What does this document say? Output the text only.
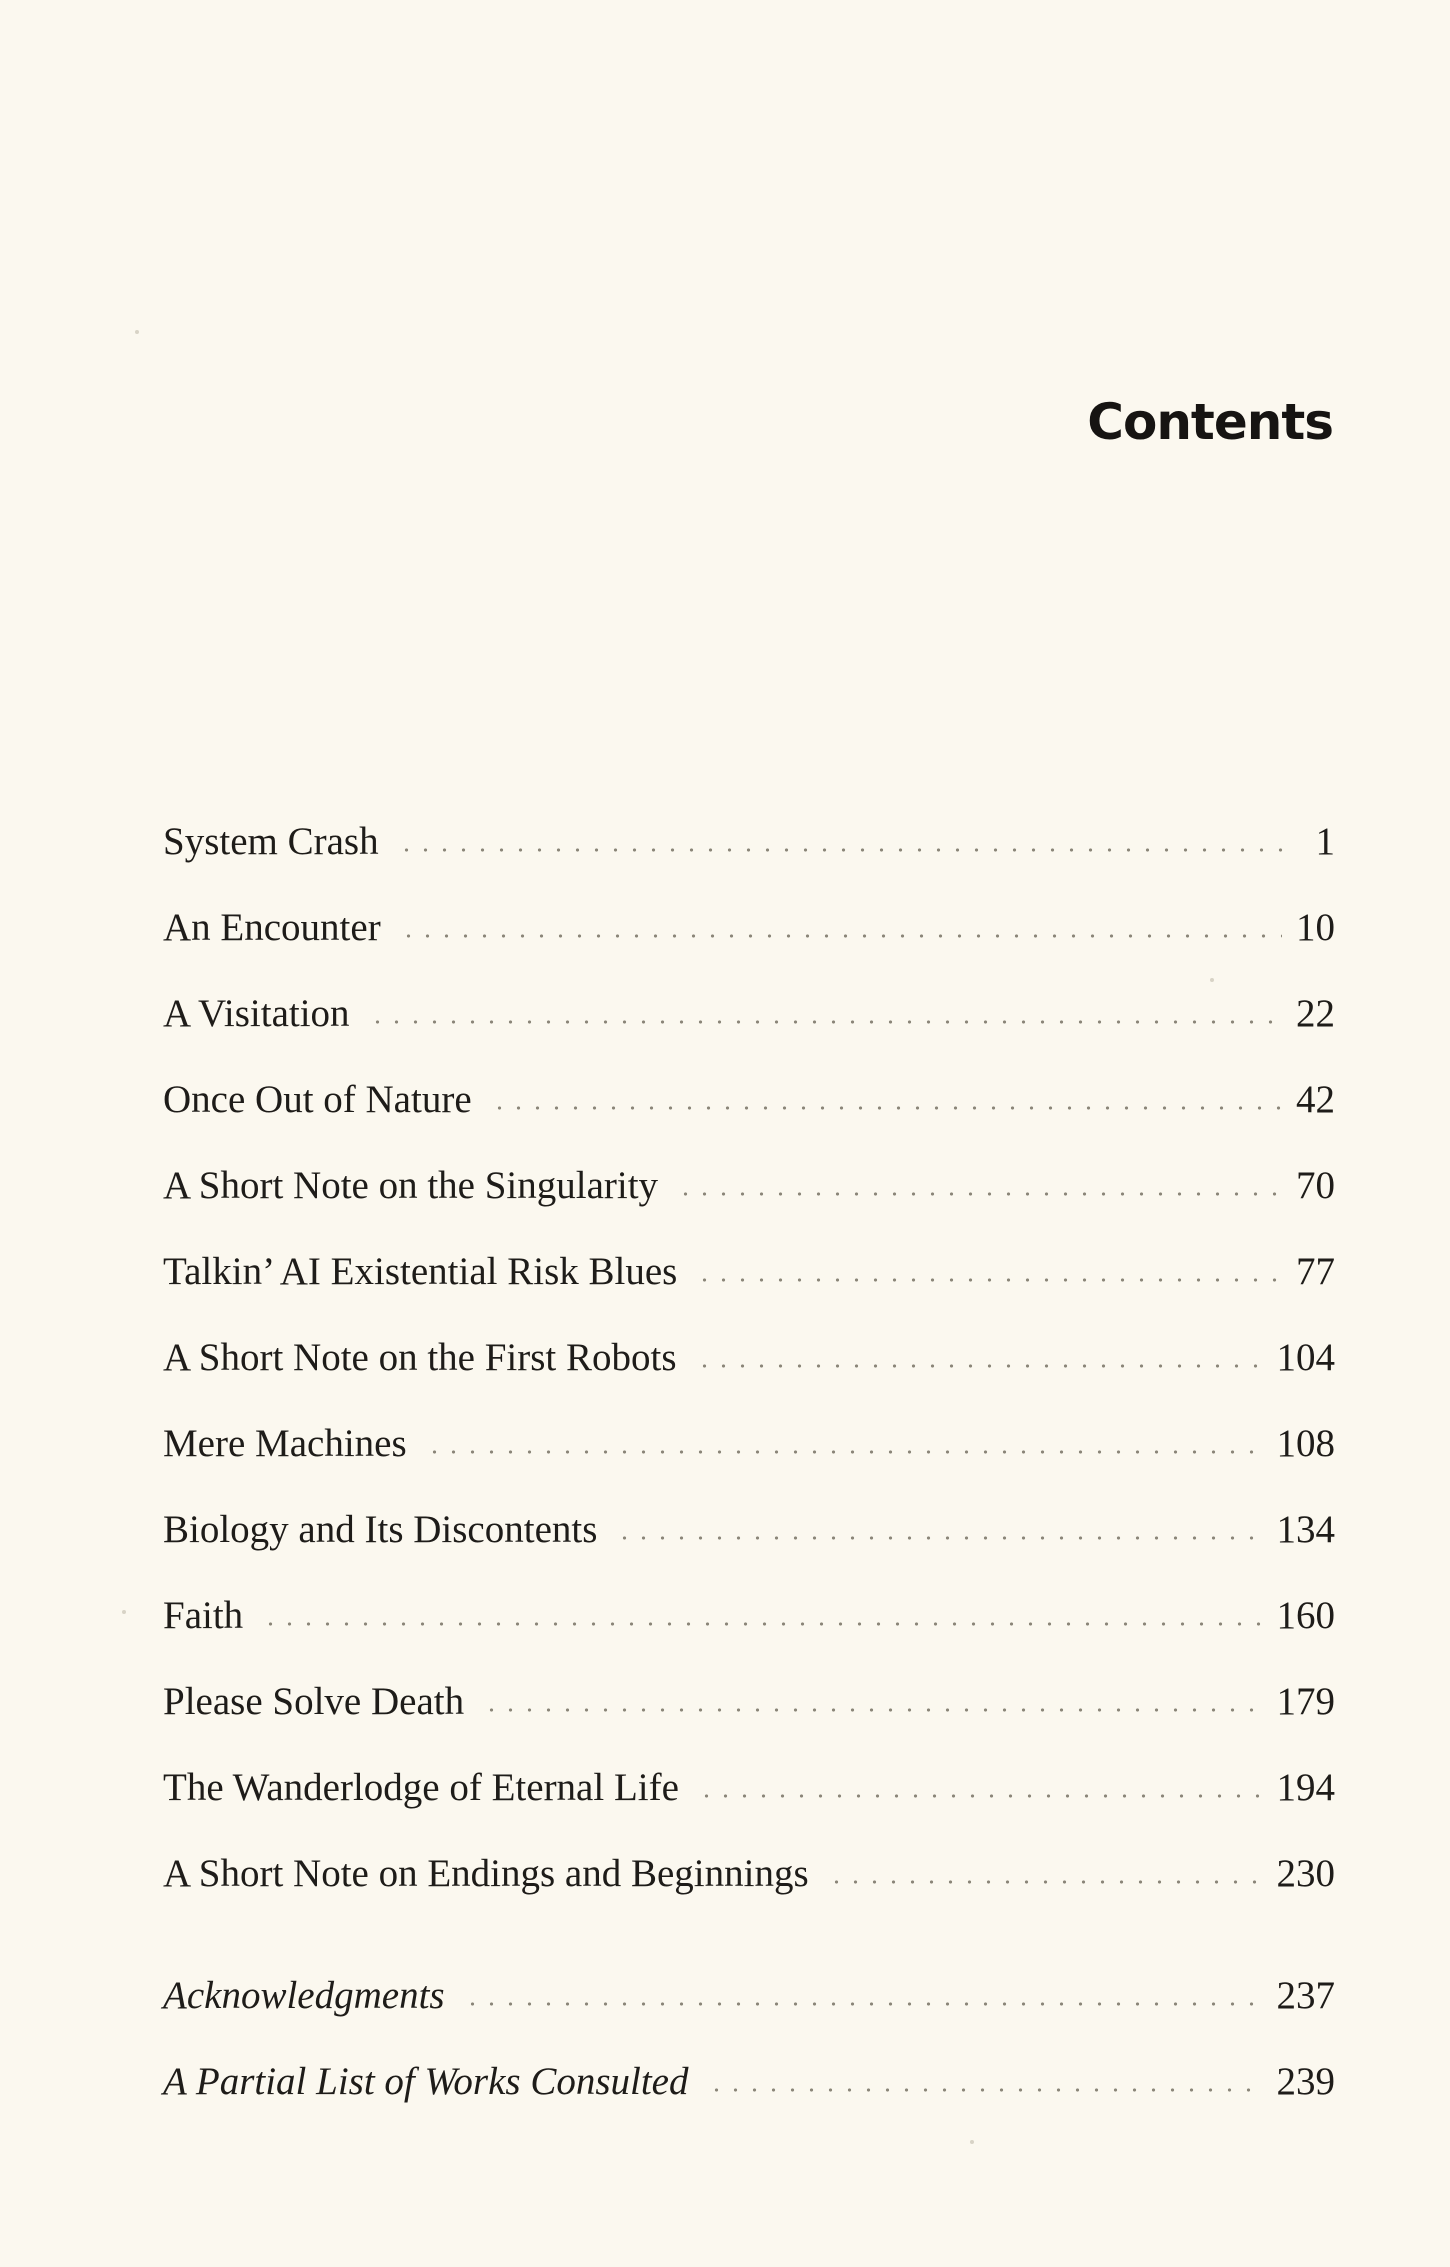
Contents
System Crash	1
An Encounter	10
A Visitation	22
Once Out of Nature	42
A Short Note on the Singularity	70
Talkin’ AI Existential Risk Blues	77
A Short Note on the First Robots	104
Mere Machines	108
Biology and Its Discontents	134
Faith	160
Please Solve Death	179
The Wanderlodge of Eternal Life	194
A Short Note on Endings and Beginnings	230
Acknowledgments	237
A Partial List of Works Consulted	239
